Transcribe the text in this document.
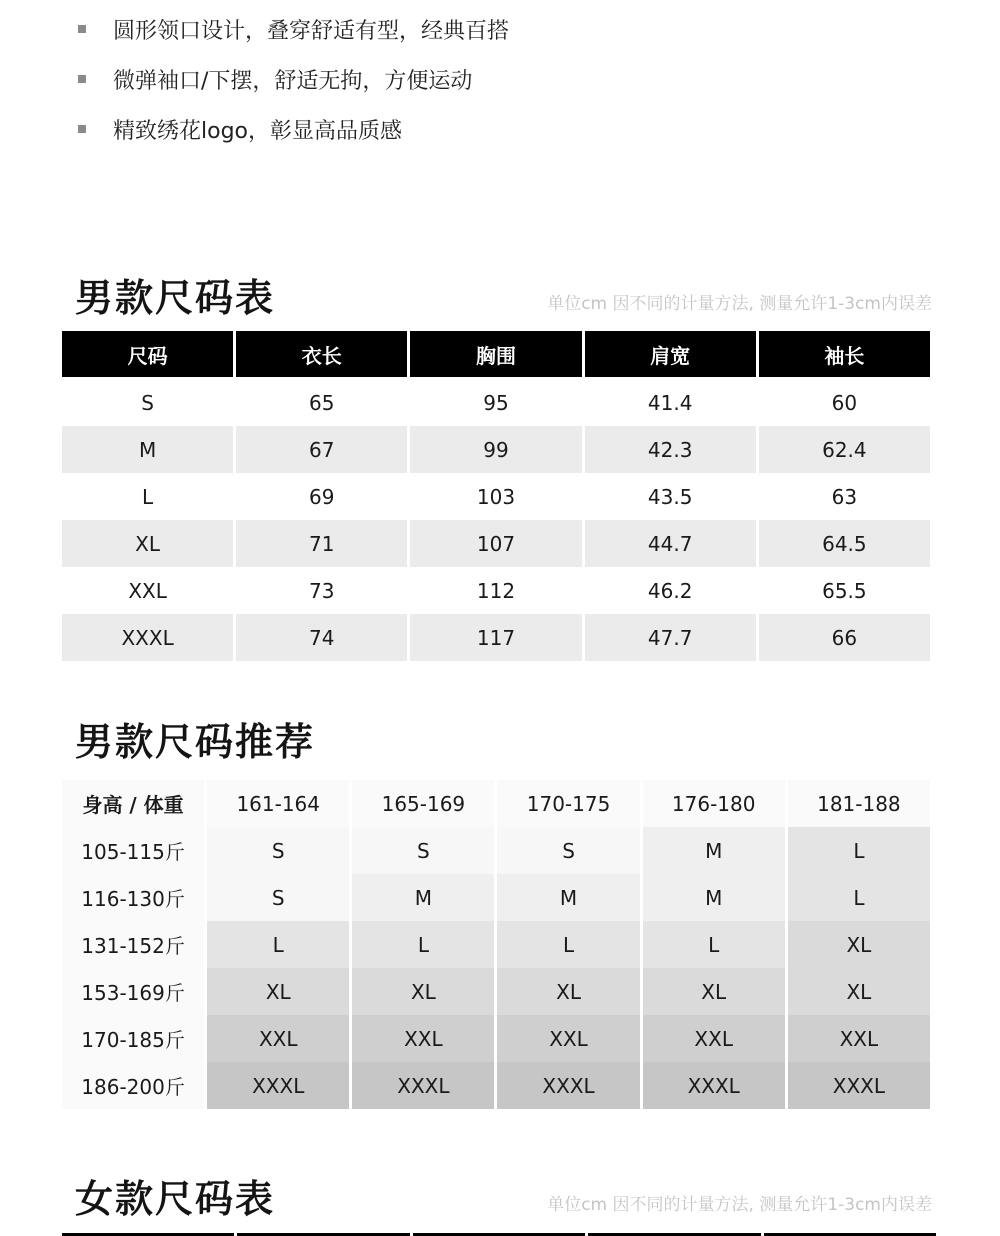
圆形领口设计，叠穿舒适有型，经典百搭
微弹袖口/下摆，舒适无拘，方便运动
精致绣花logo，彰显高品质感
男款尺码表	单位cm 因不同的计量方法, 测量允许1-3cm内误差
尺码	衣长	胸围	肩宽	袖长
S	65	95	41.4	60
M	67	99	42.3	62.4
L	69	103	43.5	63
XL	71	107	44.7	64.5
XXL	73	112	46.2	65.5
XXXL	74	117	47.7	66
男款尺码推荐
身高 / 体重	161-164	165-169	170-175	176-180	181-188
105-115斤	S	S	S	M	L
116-130斤	S	M	M	M	L
131-152斤	L	L	L	L	XL
153-169斤	XL	XL	XL	XL	XL
170-185斤	XXL	XXL	XXL	XXL	XXL
186-200斤	XXXL	XXXL	XXXL	XXXL	XXXL
女款尺码表	单位cm 因不同的计量方法, 测量允许1-3cm内误差
